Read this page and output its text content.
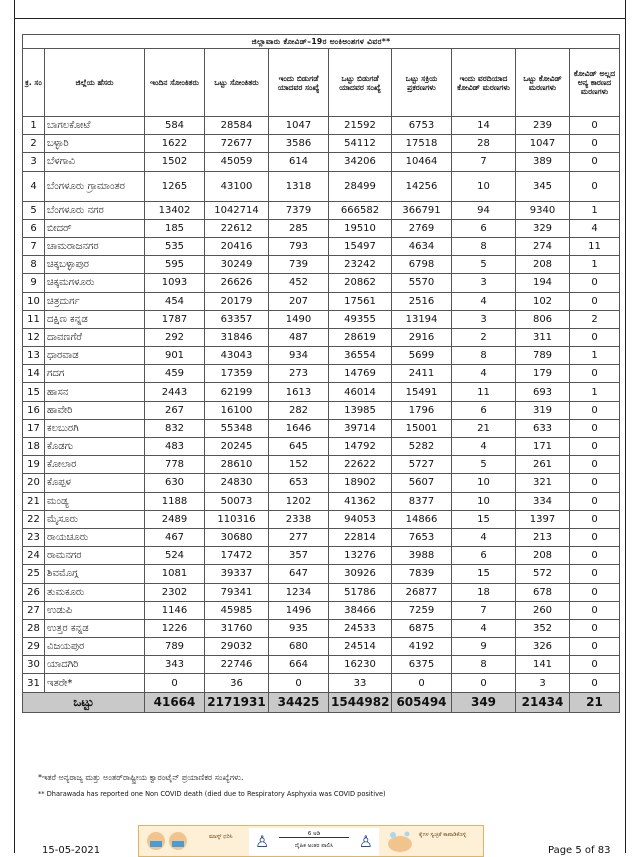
ಜಿಲ್ಲಾವಾರು ಕೋವಿಡ್–19ರ ಅಂಕಿಅಂಶಗಳ ವಿವರ**									
ಕ್ರ. ಸಂ	ಜಿಲ್ಲೆಯ ಹೆಸರು	ಇಂದಿನ ಸೋಂಕಿತರು	ಒಟ್ಟು ಸೋಂಕಿತರು	ಇಂದು ಬಿಡುಗಡೆ ಯಾದವರ ಸಂಖ್ಯೆ	ಒಟ್ಟು ಬಿಡುಗಡೆ ಯಾದವರ ಸಂಖ್ಯೆ	ಒಟ್ಟು ಸಕ್ರಿಯ ಪ್ರಕರಣಗಳು	ಇಂದು ವರದಿಯಾದ ಕೋವಿಡ್ ಮರಣಗಳು	ಒಟ್ಟು ಕೋವಿಡ್ ಮರಣಗಳು	ಕೋವಿಡ್ ಅಲ್ಲದ ಅನ್ಯ ಕಾರಣದ ಮರಣಗಳು
1	ಬಾಗಲಕೋಟೆ	584	28584	1047	21592	6753	14	239	0
2	ಬಳ್ಳಾರಿ	1622	72677	3586	54112	17518	28	1047	0
3	ಬೆಳಗಾವಿ	1502	45059	614	34206	10464	7	389	0
4	ಬೆಂಗಳೂರು ಗ್ರಾಮಾಂತರ	1265	43100	1318	28499	14256	10	345	0
5	ಬೆಂಗಳೂರು ನಗರ	13402	1042714	7379	666582	366791	94	9340	1
6	ಬೀದರ್	185	22612	285	19510	2769	6	329	4
7	ಚಾಮರಾಜನಗರ	535	20416	793	15497	4634	8	274	11
8	ಚಿಕ್ಕಬಳ್ಳಾಪುರ	595	30249	739	23242	6798	5	208	1
9	ಚಿಕ್ಕಮಗಳೂರು	1093	26626	452	20862	5570	3	194	0
10	ಚಿತ್ರದುರ್ಗ	454	20179	207	17561	2516	4	102	0
11	ದಕ್ಷಿಣ ಕನ್ನಡ	1787	63357	1490	49355	13194	3	806	2
12	ದಾವಣಗೆರೆ	292	31846	487	28619	2916	2	311	0
13	ಧಾರವಾಡ	901	43043	934	36554	5699	8	789	1
14	ಗದಗ	459	17359	273	14769	2411	4	179	0
15	ಹಾಸನ	2443	62199	1613	46014	15491	11	693	1
16	ಹಾವೇರಿ	267	16100	282	13985	1796	6	319	0
17	ಕಲಬುರಗಿ	832	55348	1646	39714	15001	21	633	0
18	ಕೊಡಗು	483	20245	645	14792	5282	4	171	0
19	ಕೋಲಾರ	778	28610	152	22622	5727	5	261	0
20	ಕೊಪ್ಪಳ	630	24830	653	18902	5607	10	321	0
21	ಮಂಡ್ಯ	1188	50073	1202	41362	8377	10	334	0
22	ಮೈಸೂರು	2489	110316	2338	94053	14866	15	1397	0
23	ರಾಯಚೂರು	467	30680	277	22814	7653	4	213	0
24	ರಾಮನಗರ	524	17472	357	13276	3988	6	208	0
25	ಶಿವಮೊಗ್ಗ	1081	39337	647	30926	7839	15	572	0
26	ತುಮಕೂರು	2302	79341	1234	51786	26877	18	678	0
27	ಉಡುಪಿ	1146	45985	1496	38466	7259	7	260	0
28	ಉತ್ತರ ಕನ್ನಡ	1226	31760	935	24533	6875	4	352	0
29	ವಿಜಯಪುರ	789	29032	680	24514	4192	9	326	0
30	ಯಾದಗಿರಿ	343	22746	664	16230	6375	8	141	0
31	ಇತರೇ*	0	36	0	33	0	0	3	0
ಒಟ್ಟು		41664	2171931	34425	1544982	605494	349	21434	21
*ಇತರೆ ಅನ್ಯರಾಜ್ಯ ಮತ್ತು ಅಂತರ್‌ರಾಷ್ಟ್ರೀಯ ಕ್ವಾರಂಟೈನ್ ಪ್ರಯಾಣಿಕರ ಸಂಖ್ಯೆಗಳು.
** Dharawada has reported one Non COVID death (died due to Respiratory Asphyxia was COVID positive)
ಮಾಸ್ಕ್ ಧರಿಸಿ	♙	6 ಅಡಿ
ದೈಹಿಕ ಅಂತರ ಪಾಲಿಸಿ	♙	ಕೈಗಳ ಸ್ವಚ್ಛತೆ ಕಾಪಾಡಿಕೊಳ್ಳಿ
15-05-2021	Page 5 of 83
